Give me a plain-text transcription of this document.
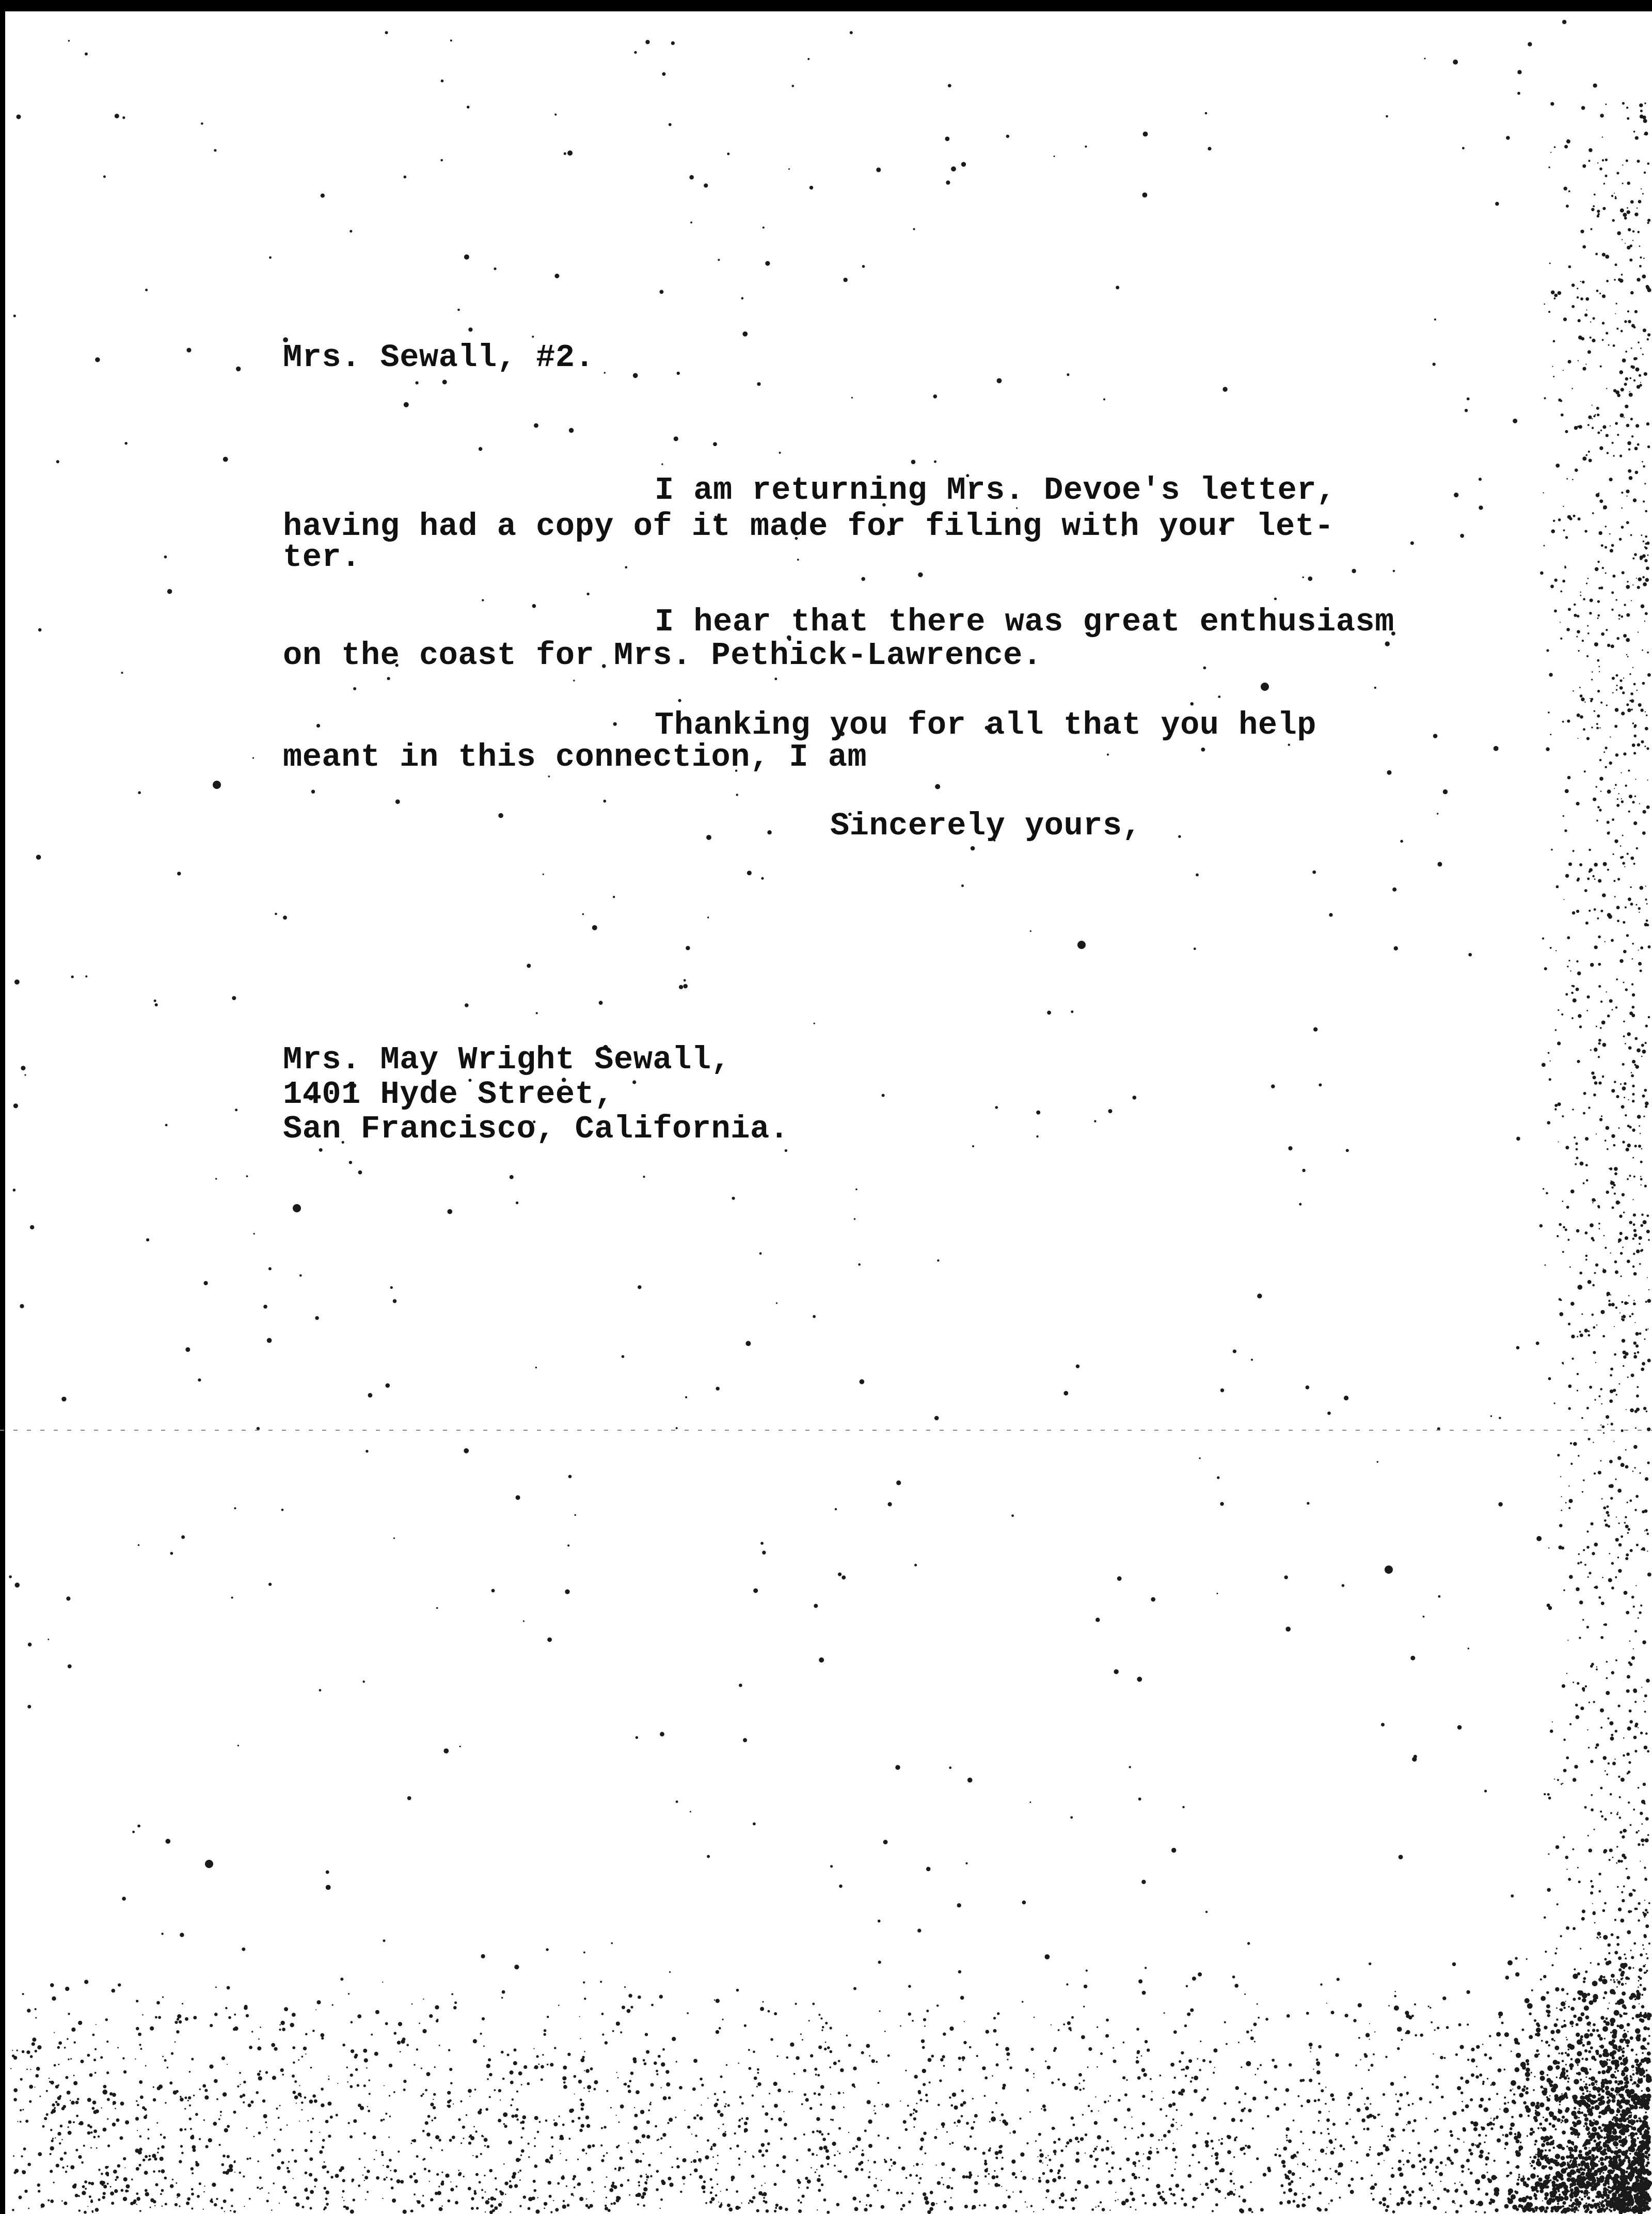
Mrs. Sewall, #2.
I am returning Mrs. Devoe's letter,
having had a copy of it made for filing with your let-
ter.
I hear that there was great enthusiasm
on the coast for Mrs. Pethick-Lawrence.
Thanking you for all that you help
meant in this connection, I am
Sincerely yours,
Mrs. May Wright Sewall,
1401 Hyde Street,
San Francisco, California.
